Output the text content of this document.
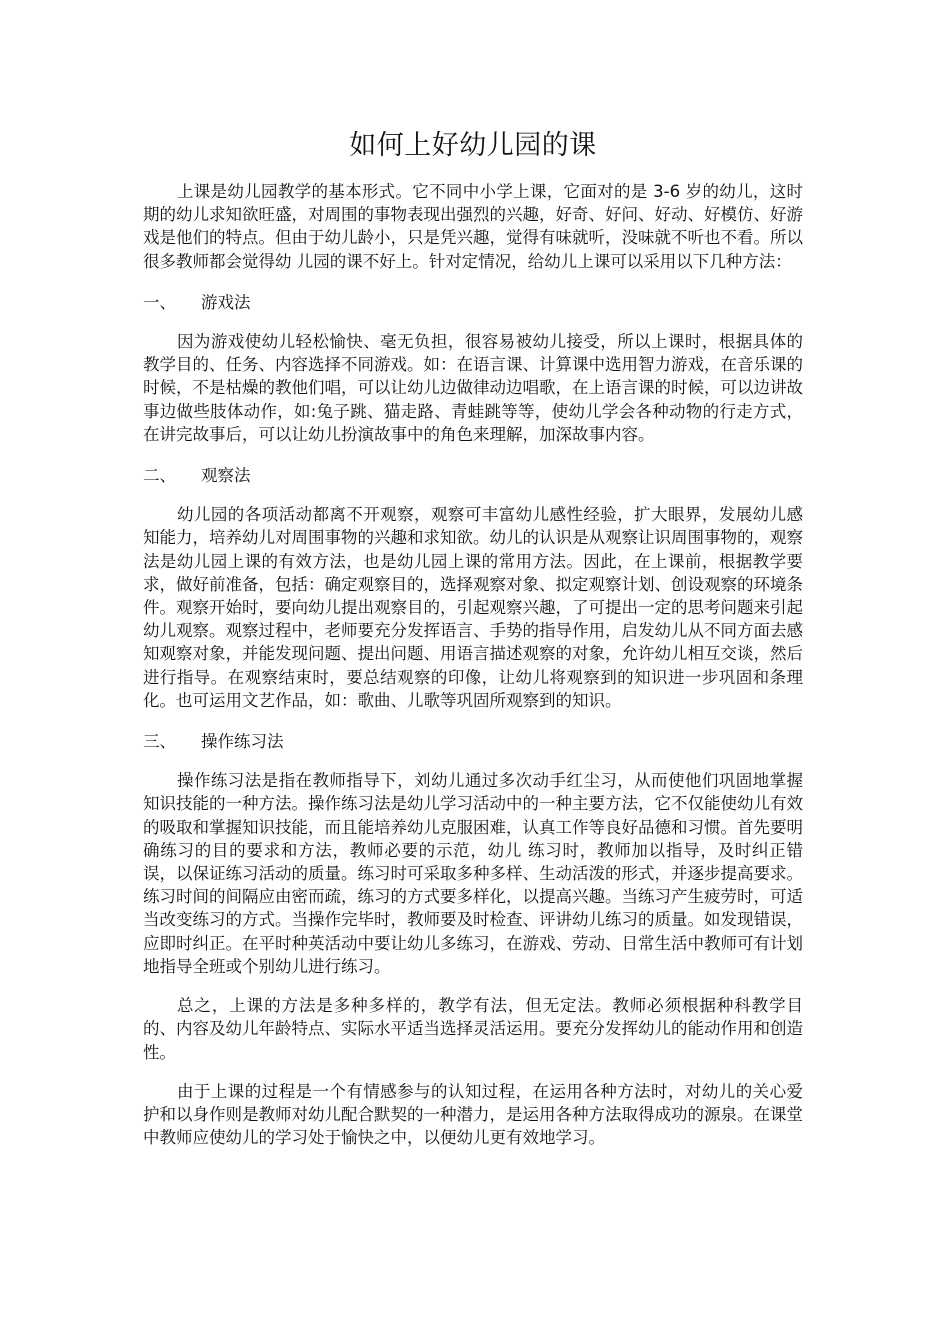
如何上好幼儿园的课

上课是幼儿园教学的基本形式。它不同中小学上课，它面对的是 3-6 岁的幼儿，这时期的幼儿求知欲旺盛，对周围的事物表现出强烈的兴趣，好奇、好问、好动、好模仿、好游戏是他们的特点。但由于幼儿龄小，只是凭兴趣，觉得有味就听，没味就不听也不看。所以很多教师都会觉得幼 儿园的课不好上。针对定情况，给幼儿上课可以采用以下几种方法：

一、	游戏法

因为游戏使幼儿轻松愉快、毫无负担，很容易被幼儿接受，所以上课时，根据具体的教学目的、任务、内容选择不同游戏。如：在语言课、计算课中选用智力游戏，在音乐课的时候，不是枯燥的教他们唱，可以让幼儿边做律动边唱歌，在上语言课的时候，可以边讲故事边做些肢体动作，如:兔子跳、猫走路、青蛙跳等等，使幼儿学会各种动物的行走方式，在讲完故事后，可以让幼儿扮演故事中的角色来理解，加深故事内容。

二、	观察法

幼儿园的各项活动都离不开观察，观察可丰富幼儿感性经验，扩大眼界，发展幼儿感知能力，培养幼儿对周围事物的兴趣和求知欲。幼儿的认识是从观察让识周围事物的，观察法是幼儿园上课的有效方法，也是幼儿园上课的常用方法。因此，在上课前，根据教学要求，做好前准备，包括：确定观察目的，选择观察对象、拟定观察计划、创设观察的环境条件。观察开始时，要向幼儿提出观察目的，引起观察兴趣，了可提出一定的思考问题来引起幼儿观察。观察过程中，老师要充分发挥语言、手势的指导作用，启发幼儿从不同方面去感知观察对象，并能发现问题、提出问题、用语言描述观察的对象，允许幼儿相互交谈，然后进行指导。在观察结束时，要总结观察的印像，让幼儿将观察到的知识进一步巩固和条理化。也可运用文艺作品，如：歌曲、儿歌等巩固所观察到的知识。

三、	操作练习法

操作练习法是指在教师指导下，刘幼儿通过多次动手红尘习，从而使他们巩固地掌握知识技能的一种方法。操作练习法是幼儿学习活动中的一种主要方法，它不仅能使幼儿有效的吸取和掌握知识技能，而且能培养幼儿克服困难，认真工作等良好品德和习惯。首先要明确练习的目的要求和方法，教师必要的示范，幼儿 练习时，教师加以指导，及时纠正错误，以保证练习活动的质量。练习时可采取多种多样、生动活泼的形式，并逐步提高要求。练习时间的间隔应由密而疏，练习的方式要多样化，以提高兴趣。当练习产生疲劳时，可适当改变练习的方式。当操作完毕时，教师要及时检查、评讲幼儿练习的质量。如发现错误，应即时纠正。在平时种英活动中要让幼儿多练习，在游戏、劳动、日常生活中教师可有计划地指导全班或个别幼儿进行练习。

总之，上课的方法是多种多样的，教学有法，但无定法。教师必须根据种科教学目的、内容及幼儿年龄特点、实际水平适当选择灵活运用。要充分发挥幼儿的能动作用和创造性。

由于上课的过程是一个有情感参与的认知过程，在运用各种方法时，对幼儿的关心爱护和以身作则是教师对幼儿配合默契的一种潜力，是运用各种方法取得成功的源泉。在课堂中教师应使幼儿的学习处于愉快之中，以便幼儿更有效地学习。
